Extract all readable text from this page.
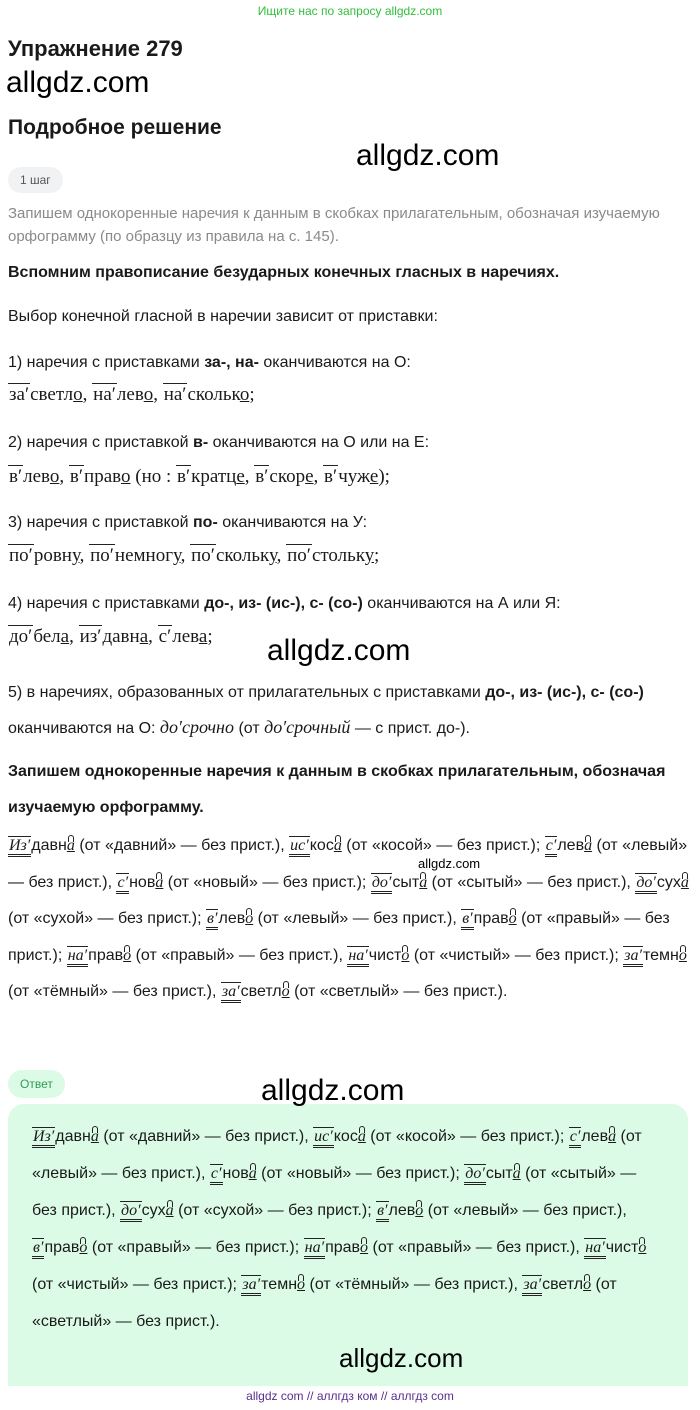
Ищите нас по запросу allgdz.com
Упражнение 279
allgdz.com
Подробное решение
allgdz.com
1 шаг
Запишем однокоренные наречия к данным в скобках прилагательным, обозначая изучаемую орфограмму (по образцу из правила на с. 145).
Вспомним правописание безударных конечных гласных в наречиях.
Выбор конечной гласной в наречии зависит от приставки:
1) наречия с приставками за-, на- оканчиваются на О:
за′светло, на′лево, на′сколько;
2) наречия с приставкой в- оканчиваются на О или на Е:
в′лево, в′право (но : в′кратце, в′скоре, в′чуже);
3) наречия с приставкой по- оканчиваются на У:
по′ровну, по′немногу, по′скольку, по′стольку;
4) наречия с приставками до-, из- (ис-), с- (со-) оканчиваются на А или Я:
до′бела, из′давна, с′лева; allgdz.com
5) в наречиях, образованных от прилагательных с приставками до-, из- (ис-), с- (со-) оканчиваются на О: до′срочно (от до′срочный — с прист. до-).
Запишем однокоренные наречия к данным в скобках прилагательным, обозначая изучаемую орфограмму.
Из′давна (от «давний» — без прист.), ис′коса (от «косой» — без прист.); с′лева (от «левый» — без прист.), с′нова (от «новый» — без прист.); до′сыта (от «сытый» — без прист.), до′суха (от «сухой» — без прист.); в′лево (от «левый» — без прист.), в′право (от «правый» — без прист.); на′право (от «правый» — без прист.), на′чисто (от «чистый» — без прист.); за′темно (от «тёмный» — без прист.), за′светло (от «светлый» — без прист.).
allgdz.com
Ответ
Из′давна (от «давний» — без прист.), ис′коса (от «косой» — без прист.); с′лева (от «левый» — без прист.), с′нова (от «новый» — без прист.); до′сыта (от «сытый» — без прист.), до′суха (от «сухой» — без прист.); в′лево (от «левый» — без прист.), в′право (от «правый» — без прист.); на′право (от «правый» — без прист.), на′чисто (от «чистый» — без прист.); за′темно (от «тёмный» — без прист.), за′светло (от «светлый» — без прист.).
allgdz.com
allgdz.com
allgdz com // аллгдз ком // аллгдз com
